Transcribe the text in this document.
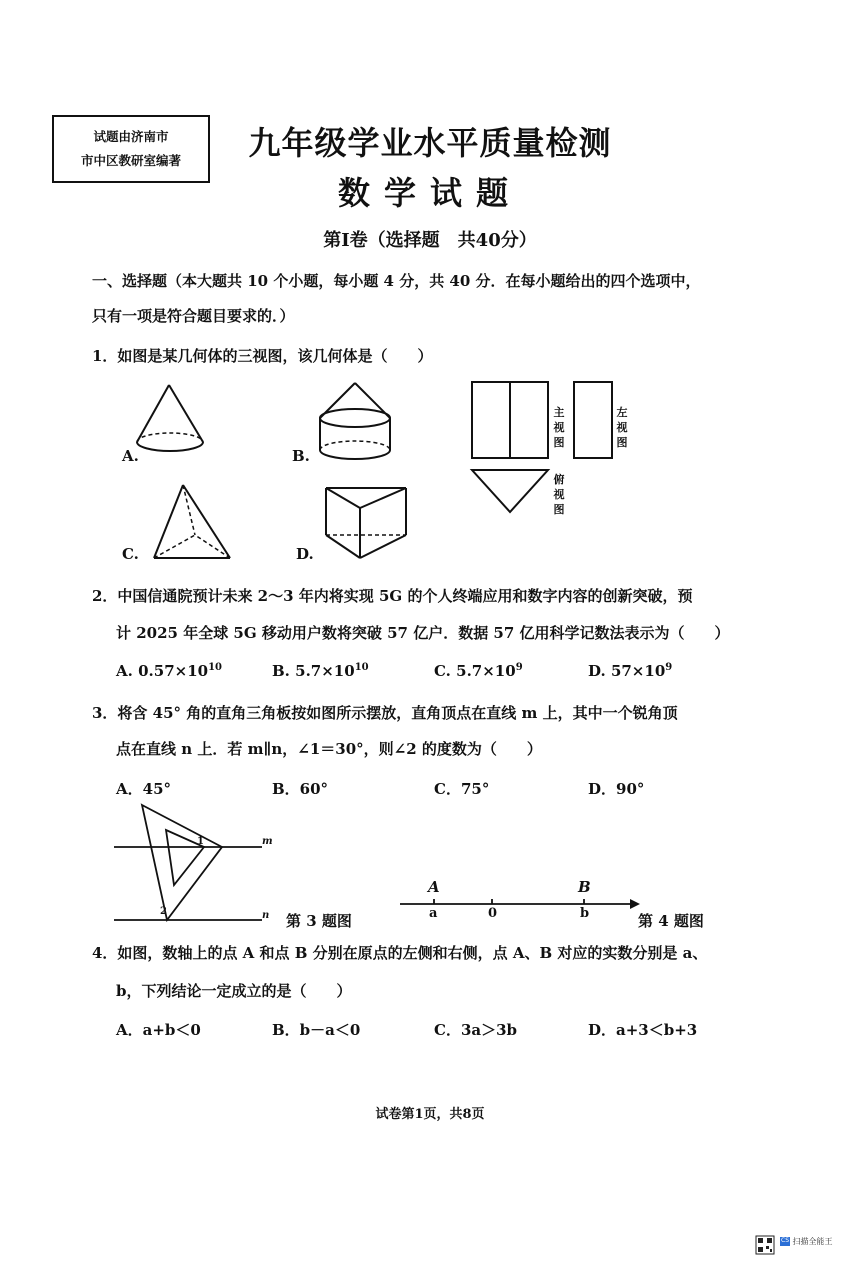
试题由济南市
市中区教研室编著	九年级学业水平质量检测
数学试题
第Ⅰ卷（选择题　共40分）
一、选择题（本大题共 10 个小题，每小题 4 分，共 40 分．在每小题给出的四个选项中，
只有一项是符合题目要求的．）
1．如图是某几何体的三视图，该几何体是（　　）
A.	B.
C.	D.
主视图
左视图
俯视图
2．中国信通院预计未来 2～3 年内将实现 5G 的个人终端应用和数字内容的创新突破，预
计 2025 年全球 5G 移动用户数将突破 57 亿户．数据 57 亿用科学记数法表示为（　　）
A. $0.57\times 10^{10}$	B. $5.7\times 10^{10}$	C. $5.7\times 10^9$	D. $57\times 10^9$
3．将含 45° 角的直角三角板按如图所示摆放，直角顶点在直线 m 上，其中一个锐角顶
点在直线 n 上．若 m∥n，∠1＝30°，则∠2 的度数为（　　）
A．45°	B．60°	C．75°	D．90°
m
n
1
2
第 3 题图
A	B
a	0	b	第 4 题图
4．如图，数轴上的点 A 和点 B 分别在原点的左侧和右侧，点 A、B 对应的实数分别是 a、
b，下列结论一定成立的是（　　）
A．a+b＜0	B．b－a＜0	C．3a＞3b	D．a+3＜b+3
试卷第1页，共8页
CS 扫描全能王
